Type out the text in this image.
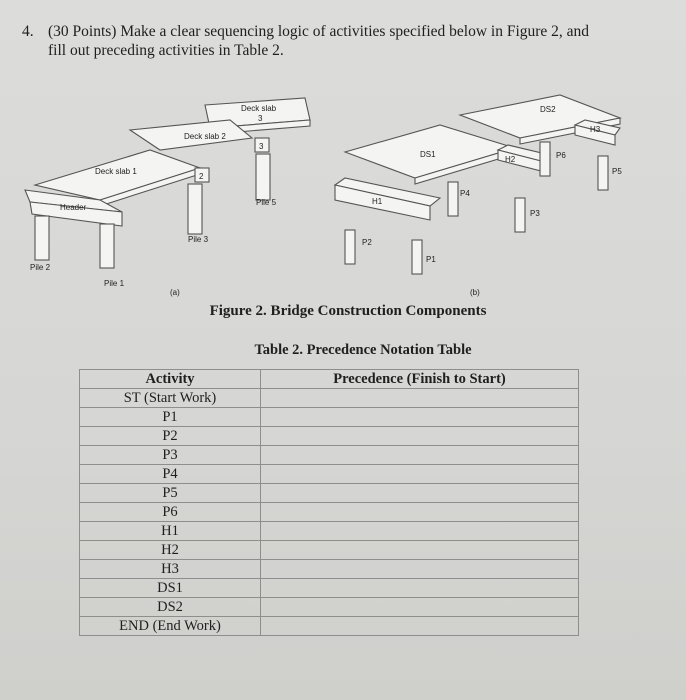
4. (30 Points) Make a clear sequencing logic of activities specified below in Figure 2, and
fill out preceding activities in Table 2.
Deck slab
3
Deck slab 2
Deck slab 1
Header
2
3
Pile 2
Pile 1
Pile 3
Pile 5
(a)	(b)
DS1
DS2
H1
H2
H3
P1
P2
P3
P4
P5
P6
Figure 2. Bridge Construction Components
Table 2. Precedence Notation Table
Activity	Precedence (Finish to Start)
ST (Start Work)	
P1	
P2	
P3	
P4	
P5	
P6	
H1	
H2	
H3	
DS1	
DS2	
END (End Work)	
